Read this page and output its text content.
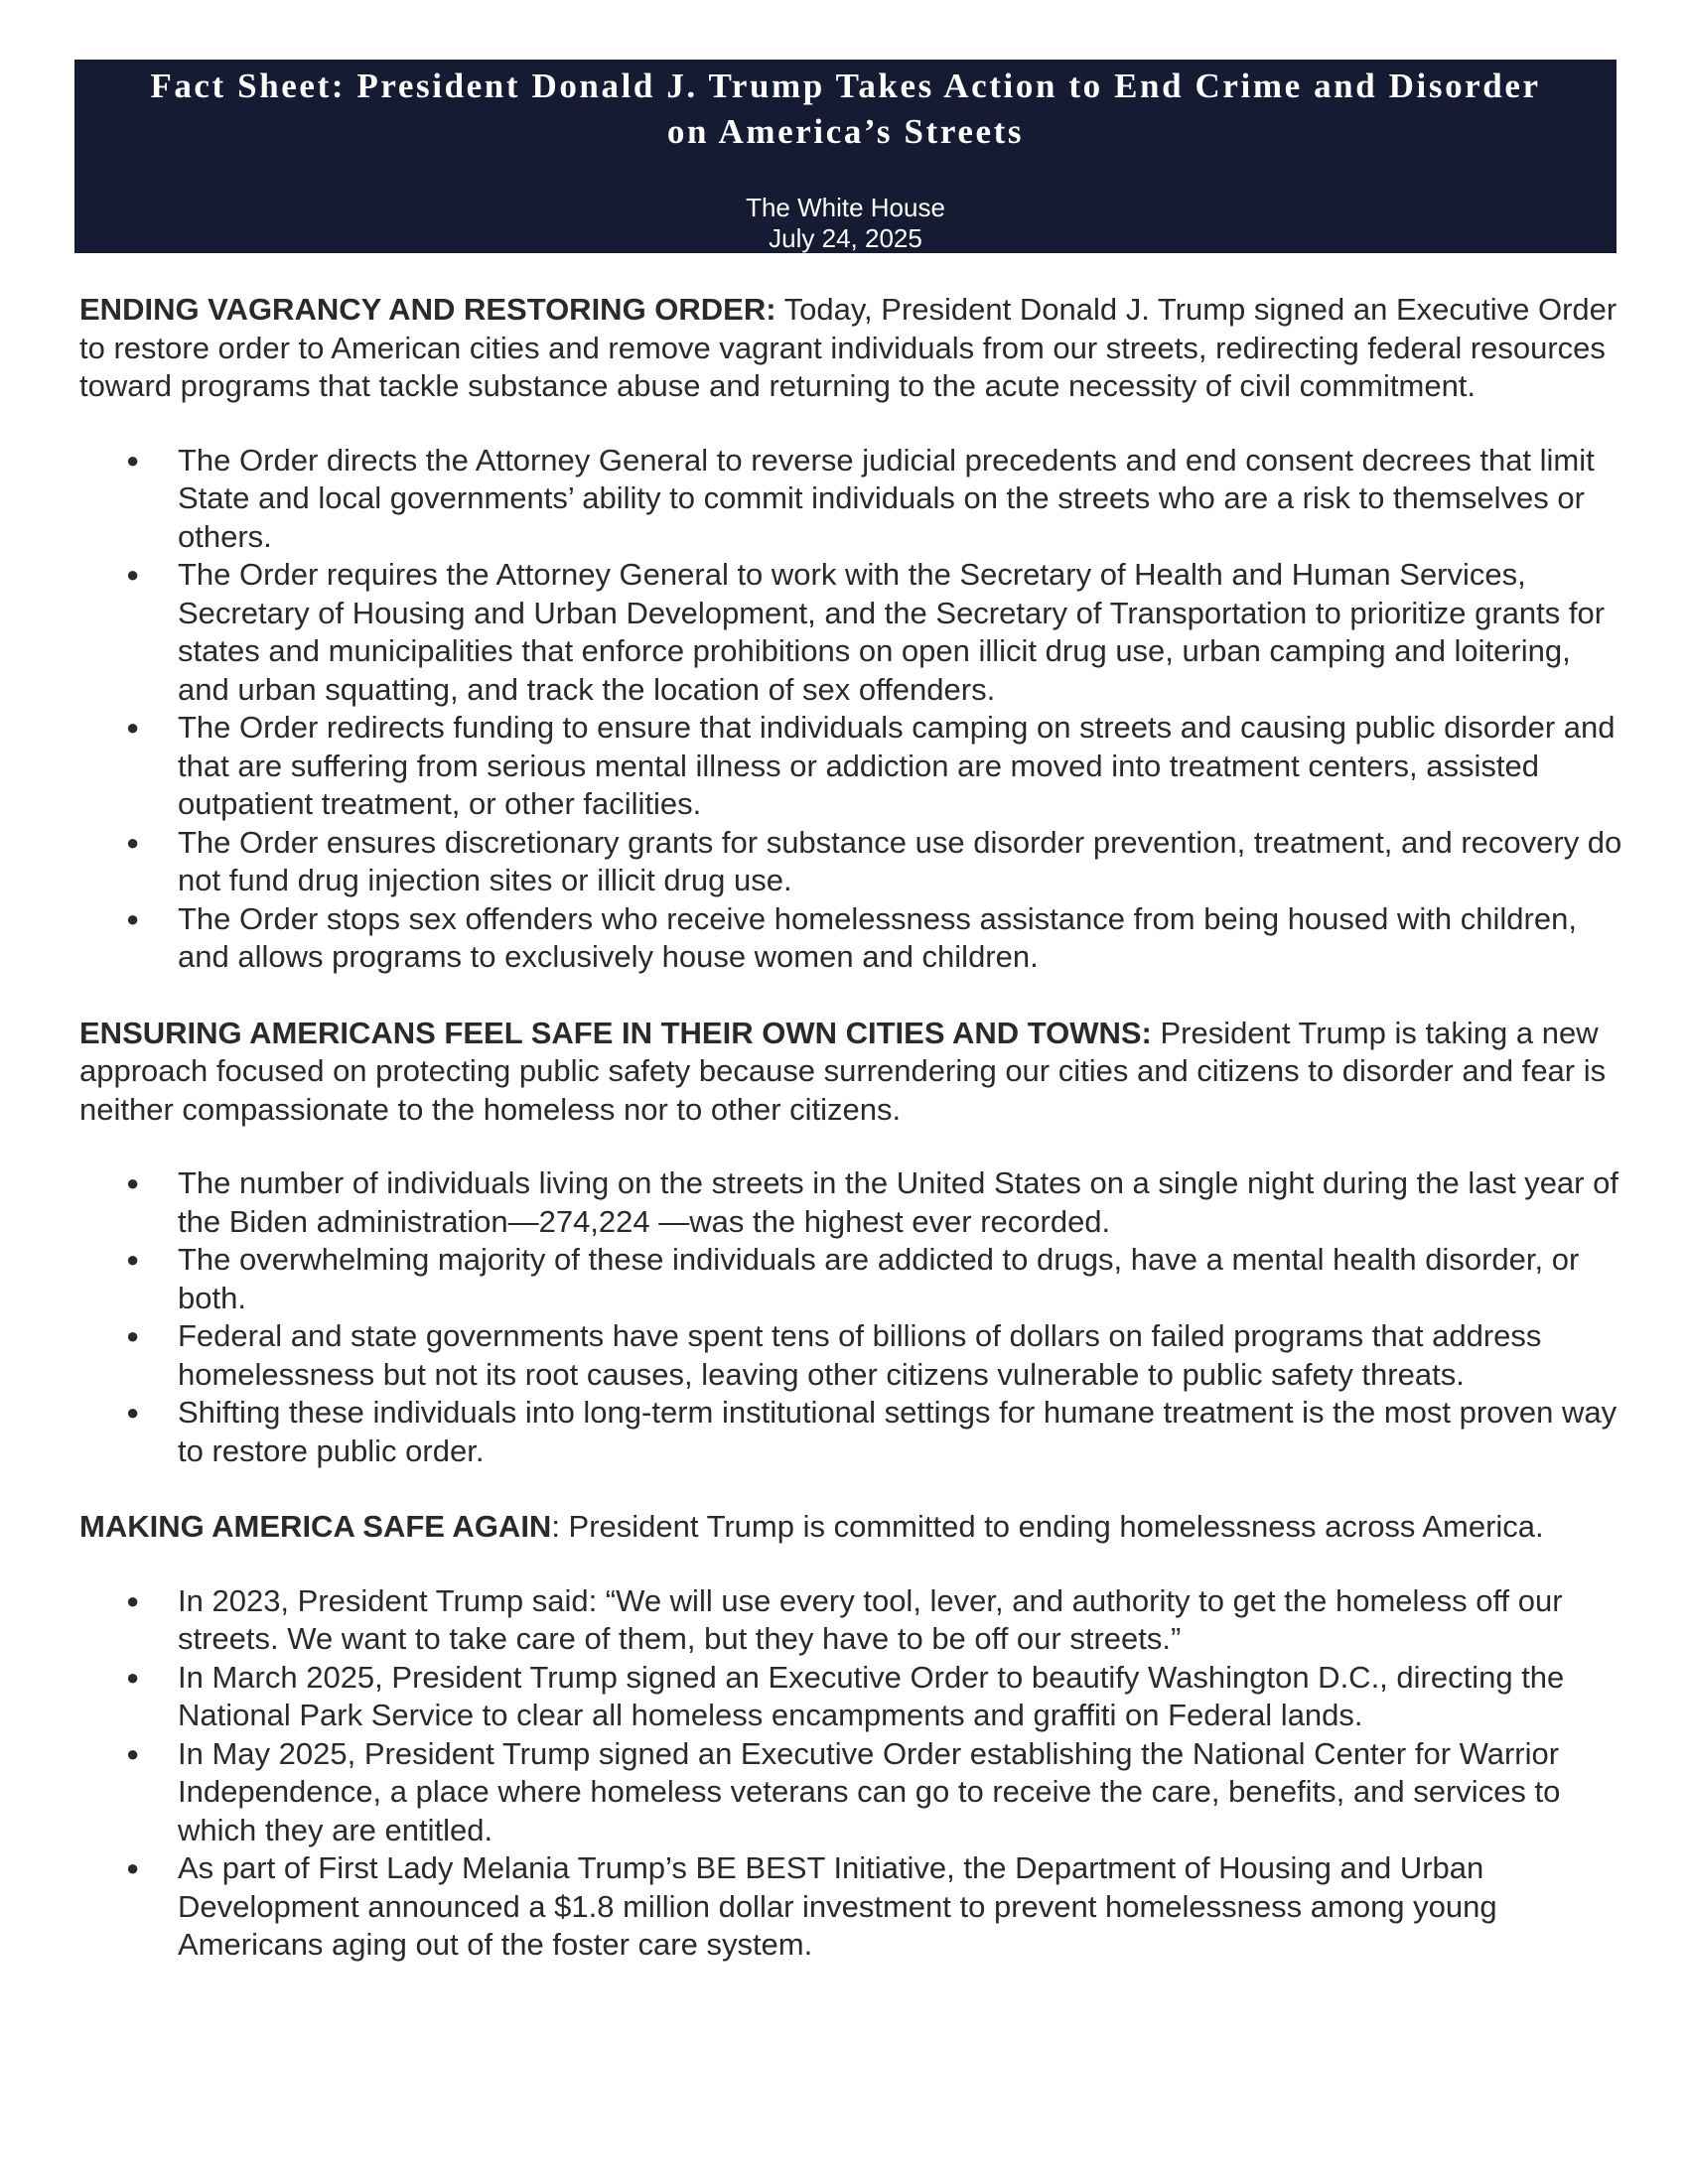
Fact Sheet: President Donald J. Trump Takes Action to End Crime and Disorder
on America’s Streets
The White House
July 24, 2025

ENDING VAGRANCY AND RESTORING ORDER: Today, President Donald J. Trump signed an Executive Order to restore order to American cities and remove vagrant individuals from our streets, redirecting federal resources toward programs that tackle substance abuse and returning to the acute necessity of civil commitment.

● The Order directs the Attorney General to reverse judicial precedents and end consent decrees that limit State and local governments’ ability to commit individuals on the streets who are a risk to themselves or others.
● The Order requires the Attorney General to work with the Secretary of Health and Human Services, Secretary of Housing and Urban Development, and the Secretary of Transportation to prioritize grants for states and municipalities that enforce prohibitions on open illicit drug use, urban camping and loitering, and urban squatting, and track the location of sex offenders.
● The Order redirects funding to ensure that individuals camping on streets and causing public disorder and that are suffering from serious mental illness or addiction are moved into treatment centers, assisted outpatient treatment, or other facilities.
● The Order ensures discretionary grants for substance use disorder prevention, treatment, and recovery do not fund drug injection sites or illicit drug use.
● The Order stops sex offenders who receive homelessness assistance from being housed with children, and allows programs to exclusively house women and children.

ENSURING AMERICANS FEEL SAFE IN THEIR OWN CITIES AND TOWNS: President Trump is taking a new approach focused on protecting public safety because surrendering our cities and citizens to disorder and fear is neither compassionate to the homeless nor to other citizens.

● The number of individuals living on the streets in the United States on a single night during the last year of the Biden administration—274,224 —was the highest ever recorded.
● The overwhelming majority of these individuals are addicted to drugs, have a mental health disorder, or both.
● Federal and state governments have spent tens of billions of dollars on failed programs that address homelessness but not its root causes, leaving other citizens vulnerable to public safety threats.
● Shifting these individuals into long-term institutional settings for humane treatment is the most proven way to restore public order.

MAKING AMERICA SAFE AGAIN: President Trump is committed to ending homelessness across America.

● In 2023, President Trump said: “We will use every tool, lever, and authority to get the homeless off our streets. We want to take care of them, but they have to be off our streets.”
● In March 2025, President Trump signed an Executive Order to beautify Washington D.C., directing the National Park Service to clear all homeless encampments and graffiti on Federal lands.
● In May 2025, President Trump signed an Executive Order establishing the National Center for Warrior Independence, a place where homeless veterans can go to receive the care, benefits, and services to which they are entitled.
● As part of First Lady Melania Trump’s BE BEST Initiative, the Department of Housing and Urban Development announced a $1.8 million dollar investment to prevent homelessness among young Americans aging out of the foster care system.
